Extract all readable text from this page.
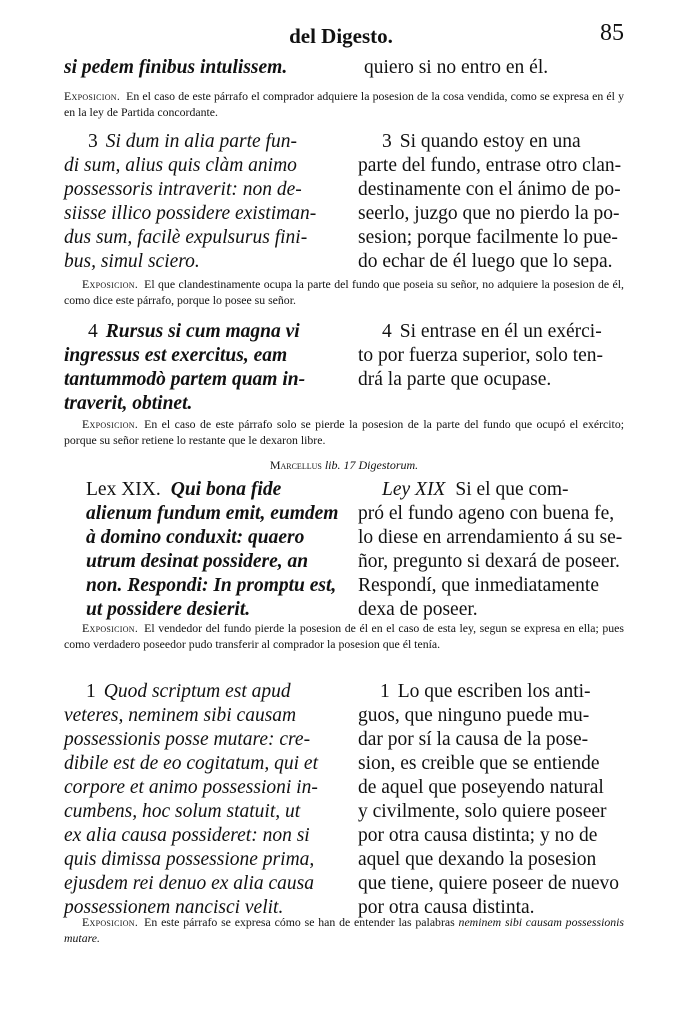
del Digesto.	85
si pedem finibus intulissem.	quiero si no entro en él.
Exposicion. En el caso de este párrafo el comprador adquiere la posesion de la cosa vendida, como se expresa en él y en la ley de Partida concordante.
3 Si dum in alia parte fun-
di sum, alius quis clàm animo
possessoris intraverit: non de-
siisse illico possidere existiman-
dus sum, facilè expulsurus fini-
bus, simul sciero.
3 Si quando estoy en una
parte del fundo, entrase otro clan-
destinamente con el ánimo de po-
seerlo, juzgo que no pierdo la po-
sesion; porque facilmente lo pue-
do echar de él luego que lo sepa.
Exposicion. El que clandestinamente ocupa la parte del fundo que poseia su señor, no adquiere la posesion de él, como dice este párrafo, porque lo posee su señor.
4 Rursus si cum magna vi
ingressus est exercitus, eam
tantummodò partem quam in-
traverit, obtinet.
4 Si entrase en él un exérci-
to por fuerza superior, solo ten-
drá la parte que ocupase.
Exposicion. En el caso de este párrafo solo se pierde la posesion de la parte del fundo que ocupó el exército; porque su señor retiene lo restante que le dexaron libre.
Marcellus lib. 17 Digestorum.
Lex XIX. Qui bona fide
alienum fundum emit, eumdem
à domino conduxit: quaero
utrum desinat possidere, an
non. Respondi: In promptu est,
ut possidere desierit.
Ley XIX Si el que com-
pró el fundo ageno con buena fe,
lo diese en arrendamiento á su se-
ñor, pregunto si dexará de poseer.
Respondí, que inmediatamente
dexa de poseer.
Exposicion. El vendedor del fundo pierde la posesion de él en el caso de esta ley, segun se expresa en ella; pues como verdadero poseedor pudo transferir al comprador la posesion que él tenía.
1 Quod scriptum est apud
veteres, neminem sibi causam
possessionis posse mutare: cre-
dibile est de eo cogitatum, qui et
corpore et animo possessioni in-
cumbens, hoc solum statuit, ut
ex alia causa possideret: non si
quis dimissa possessione prima,
ejusdem rei denuo ex alia causa
possessionem nancisci velit.
1 Lo que escriben los anti-
guos, que ninguno puede mu-
dar por sí la causa de la pose-
sion, es creible que se entiende
de aquel que poseyendo natural
y civilmente, solo quiere poseer
por otra causa distinta; y no de
aquel que dexando la posesion
que tiene, quiere poseer de nuevo
por otra causa distinta.
Exposicion. En este párrafo se expresa cómo se han de entender las palabras neminem sibi causam possessionis mutare.
